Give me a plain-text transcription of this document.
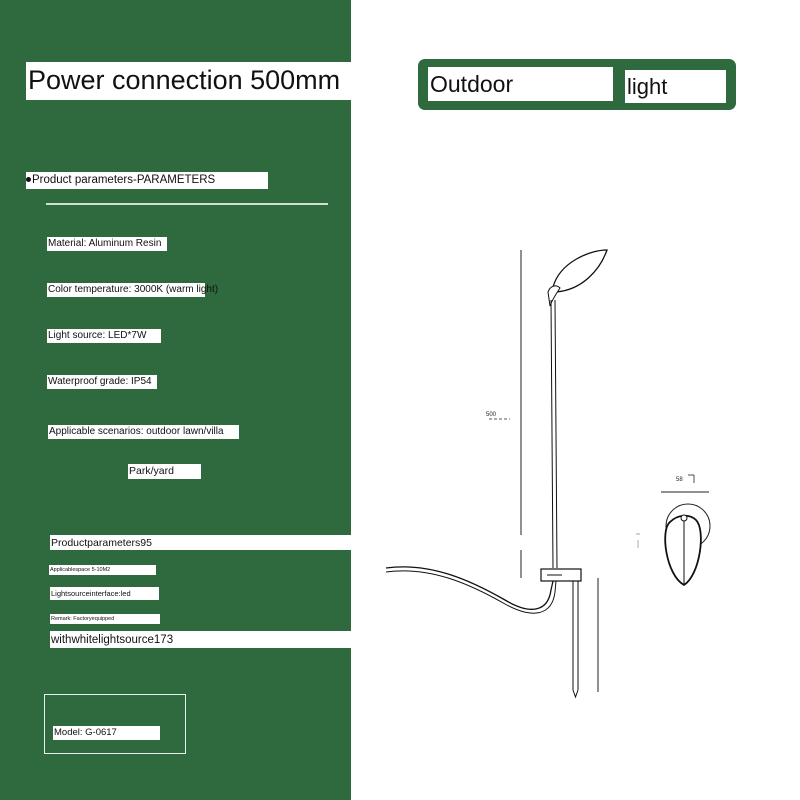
Power connection 500mm	Outdoor	light
Product parameters-PARAMETERS
Material: Aluminum Resin
Color temperature: 3000K (warm light)
Light source: LED*7W
Waterproof grade: IP54
Applicable scenarios: outdoor lawn/villa
Park/yard
Productparameters95
Applicablespace 5-10M2
Lightsourceinterface:led
Remark: Factoryequipped
withwhitelightsource173
Model: G-0617
500
58
